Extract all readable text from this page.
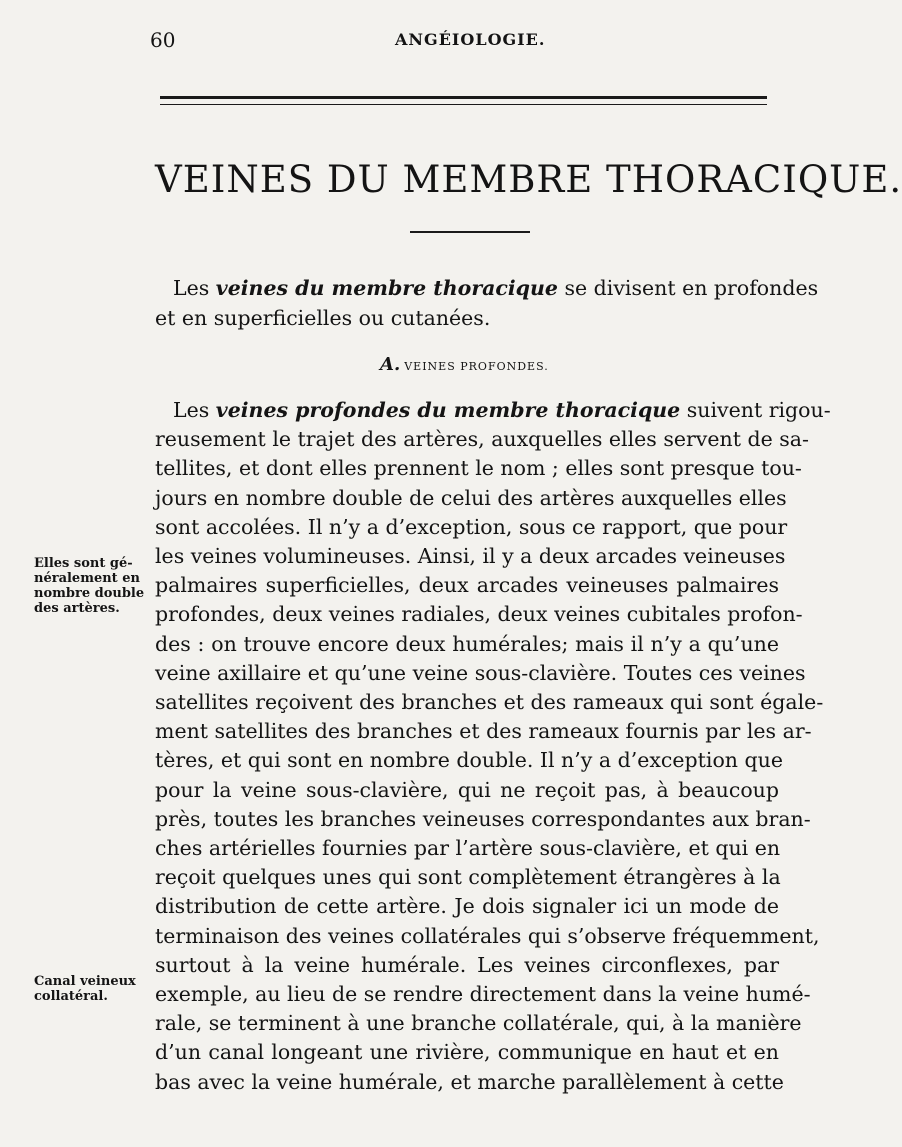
60	ANGÉIOLOGIE.
VEINES DU MEMBRE THORACIQUE.
Les veines du membre thoracique se divisent en profondes
et en superficielles ou cutanées.
A. VEINES PROFONDES.
Les veines profondes du membre thoracique suivent rigou-
reusement le trajet des artères, auxquelles elles servent de sa-
tellites, et dont elles prennent le nom ; elles sont presque tou-
jours en nombre double de celui des artères auxquelles elles
sont accolées. Il n’y a d’exception, sous ce rapport, que pour
les veines volumineuses. Ainsi, il y a deux arcades veineuses
palmaires superficielles, deux arcades veineuses palmaires
profondes, deux veines radiales, deux veines cubitales profon-
des : on trouve encore deux humérales; mais il n’y a qu’une
veine axillaire et qu’une veine sous-clavière. Toutes ces veines
satellites reçoivent des branches et des rameaux qui sont égale-
ment satellites des branches et des rameaux fournis par les ar-
tères, et qui sont en nombre double. Il n’y a d’exception que
pour la veine sous-clavière, qui ne reçoit pas, à beaucoup
près, toutes les branches veineuses correspondantes aux bran-
ches artérielles fournies par l’artère sous-clavière, et qui en
reçoit quelques unes qui sont complètement étrangères à la
distribution de cette artère. Je dois signaler ici un mode de
terminaison des veines collatérales qui s’observe fréquemment,
surtout à la veine humérale. Les veines circonflexes, par
exemple, au lieu de se rendre directement dans la veine humé-
rale, se terminent à une branche collatérale, qui, à la manière
d’un canal longeant une rivière, communique en haut et en
bas avec la veine humérale, et marche parallèlement à cette
Elles sont gé-
néralement en
nombre double
des artères.
Canal veineux
collatéral.
